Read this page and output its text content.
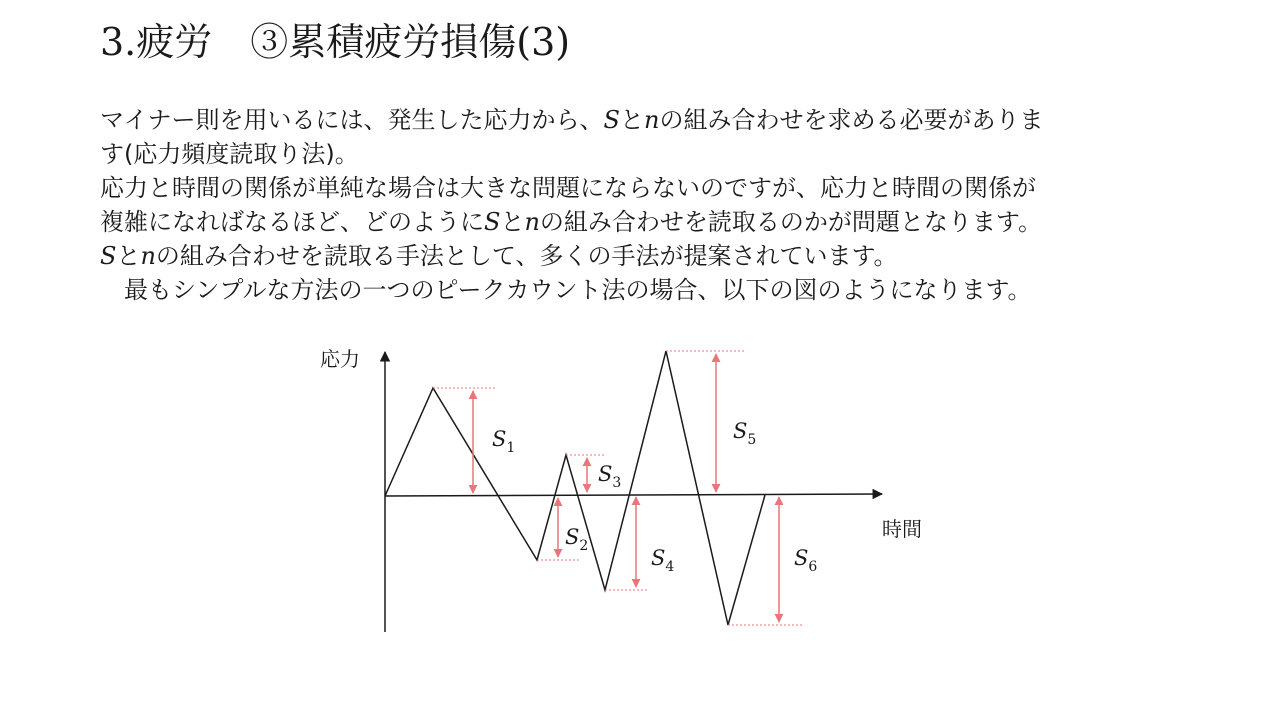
3.疲労　③累積疲労損傷(3)
マイナー則を用いるには、発生した応力から、Sとnの組み合わせを求める必要がありま
す(応力頻度読取り法)。
応力と時間の関係が単純な場合は大きな問題にならないのですが、応力と時間の関係が
複雑になればなるほど、どのようにSとnの組み合わせを読取るのかが問題となります。
Sとnの組み合わせを読取る手法として、多くの手法が提案されています。
最もシンプルな方法の一つのピークカウント法の場合、以下の図のようになります。
応力
時間
$S_1$
$S_2$
$S_3$
$S_4$
$S_5$
$S_6$
